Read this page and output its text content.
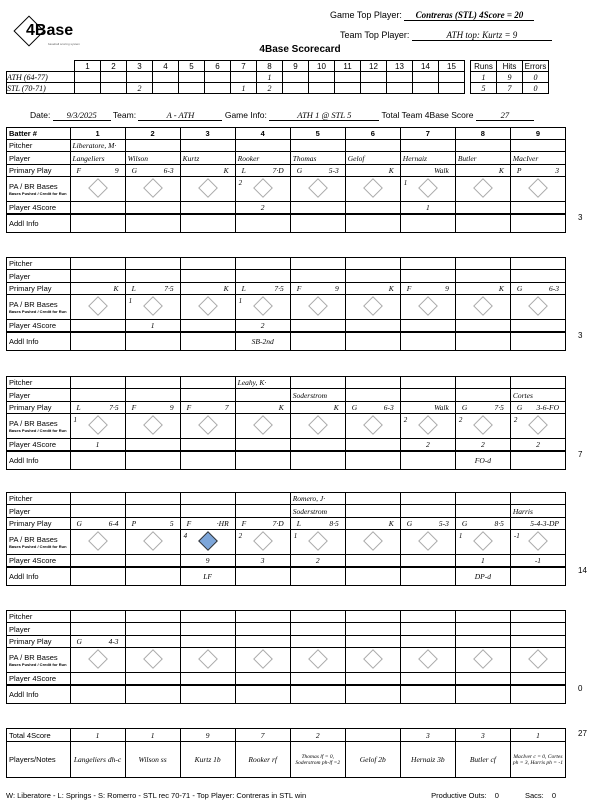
4Base
baseball scoring system
Game Top Player: Contreras (STL) 4Score = 20
Team Top Player:	ATH top: Kurtz = 9
4Base Scorecard
	1	2	3	4	5	6	7	8	9	10	11	12	13	14	15		Runs	Hits	Errors
ATH (64-77)								1									1	9	0
STL (70-71)			2				1	2									5	7	0
Date: 9/3/2025 Team:	A - ATH	Game Info:	ATH 1 @ STL 5	Total Team 4Base Score	27
Batter #	1	2	3	4	5	6	7	8	9
Pitcher	Liberatore, M·								
Player	Langeliers	Wilson	Kurtz	Rooker	Thomas	Gelof	Hernaiz	Butler	MacIver
Primary Play	F 9	G 6-3	K	L 7·D	G 5-3	K	Walk	K	P 3

PA / BR Bases
Bases Pushed / Credit for Run				2			1		

Player 4Score				2			1		
Addl Info									
3
Pitcher									
Player									
Primary Play	K	L 7·5	K	L 7·5	F 9	K	F 9	K	G 6-3

PA / BR Bases
Bases Pushed / Credit for Run		1		1					

Player 4Score		1		2					
Addl Info				SB-2nd					
3
Pitcher				Leahy, K·					
Player					Soderstrom				Cortes
Primary Play	L 7·5	F 9	F 7	K	K	G 6-3	Walk	G 7·5	G 3-6-FO

PA / BR Bases
Bases Pushed / Credit for Run	1						2	2	2

Player 4Score	1						2	2	2
Addl Info								FO-d	
7
Pitcher					Romero, J·				
Player					Soderstrom				Harris
Primary Play	G 6-4	P 5	F ·HR	F 7·D	L 8·5	K	G 5-3	G 8·5	5-4-3-DP

PA / BR Bases
Bases Pushed / Credit for Run			4	2	1			1	-1

Player 4Score			9	3	2			1	-1
Addl Info			LF					DP-d	
14
Pitcher									
Player									
Primary Play	G 4-3								

PA / BR Bases
Bases Pushed / Credit for Run									

Player 4Score									
Addl Info									
0
Total 4Score	1	1	9	7	2		3	3	1
Players/Notes	Langeliers dh-c	Wilson ss	Kurtz 1b	Rooker rf	Thomas lf = 0, Soderstrom ph-lf =2	Gelof 2b	Hernaiz 3b	Butler cf	MacIver c = 0, Cortes ph = 3, Harris ph = -1
27
W: Liberatore - L: Springs - S: Romerro - STL rec 70-71 - Top Player: Contreras in STL win	Productive Outs: 0	Sacs: 0
